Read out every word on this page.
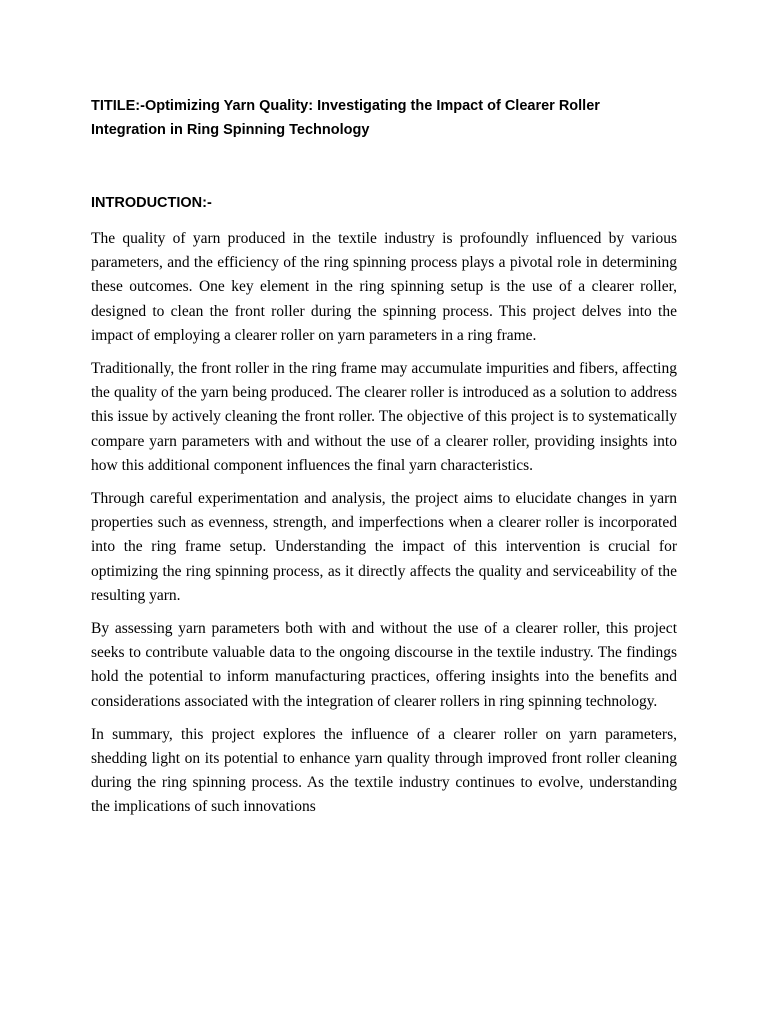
TITILE:-Optimizing Yarn Quality: Investigating the Impact of Clearer Roller Integration in Ring Spinning Technology
INTRODUCTION:-

The quality of yarn produced in the textile industry is profoundly influenced by various parameters, and the efficiency of the ring spinning process plays a pivotal role in determining these outcomes. One key element in the ring spinning setup is the use of a clearer roller, designed to clean the front roller during the spinning process. This project delves into the impact of employing a clearer roller on yarn parameters in a ring frame.

Traditionally, the front roller in the ring frame may accumulate impurities and fibers, affecting the quality of the yarn being produced. The clearer roller is introduced as a solution to address this issue by actively cleaning the front roller. The objective of this project is to systematically compare yarn parameters with and without the use of a clearer roller, providing insights into how this additional component influences the final yarn characteristics.

Through careful experimentation and analysis, the project aims to elucidate changes in yarn properties such as evenness, strength, and imperfections when a clearer roller is incorporated into the ring frame setup. Understanding the impact of this intervention is crucial for optimizing the ring spinning process, as it directly affects the quality and serviceability of the resulting yarn.

By assessing yarn parameters both with and without the use of a clearer roller, this project seeks to contribute valuable data to the ongoing discourse in the textile industry. The findings hold the potential to inform manufacturing practices, offering insights into the benefits and considerations associated with the integration of clearer rollers in ring spinning technology.

In summary, this project explores the influence of a clearer roller on yarn parameters, shedding light on its potential to enhance yarn quality through improved front roller cleaning during the ring spinning process. As the textile industry continues to evolve, understanding the implications of such innovations
